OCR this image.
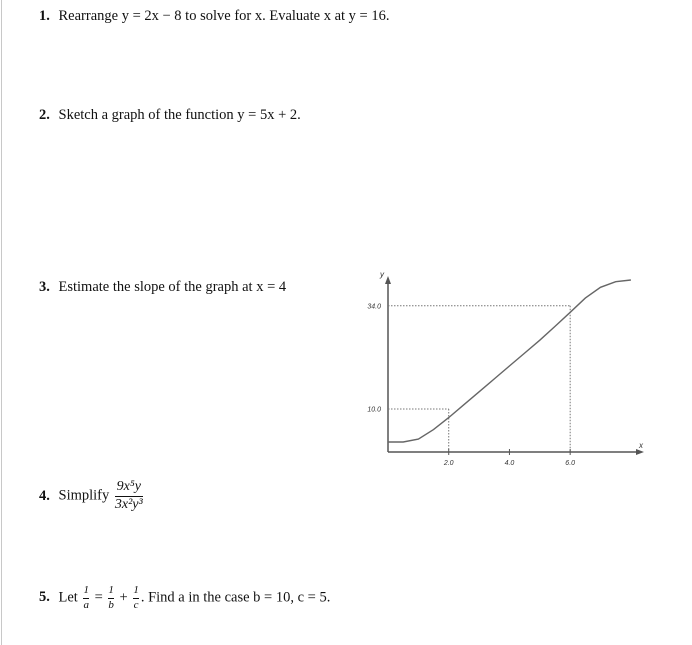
1. Rearrange y = 2x − 8 to solve for x. Evaluate x at y = 16.
2. Sketch a graph of the function y = 5x + 2.
3. Estimate the slope of the graph at x = 4
4. Simplify $\frac{\text{9x⁵y}}{\text{3x²y³}}$
5. Let $\frac{1}{a} = \frac{1}{b} + \frac{1}{c}$ . Find a in the case b = 10, c = 5.
y
x
2.0	4.0	6.0
10.0
34.0
